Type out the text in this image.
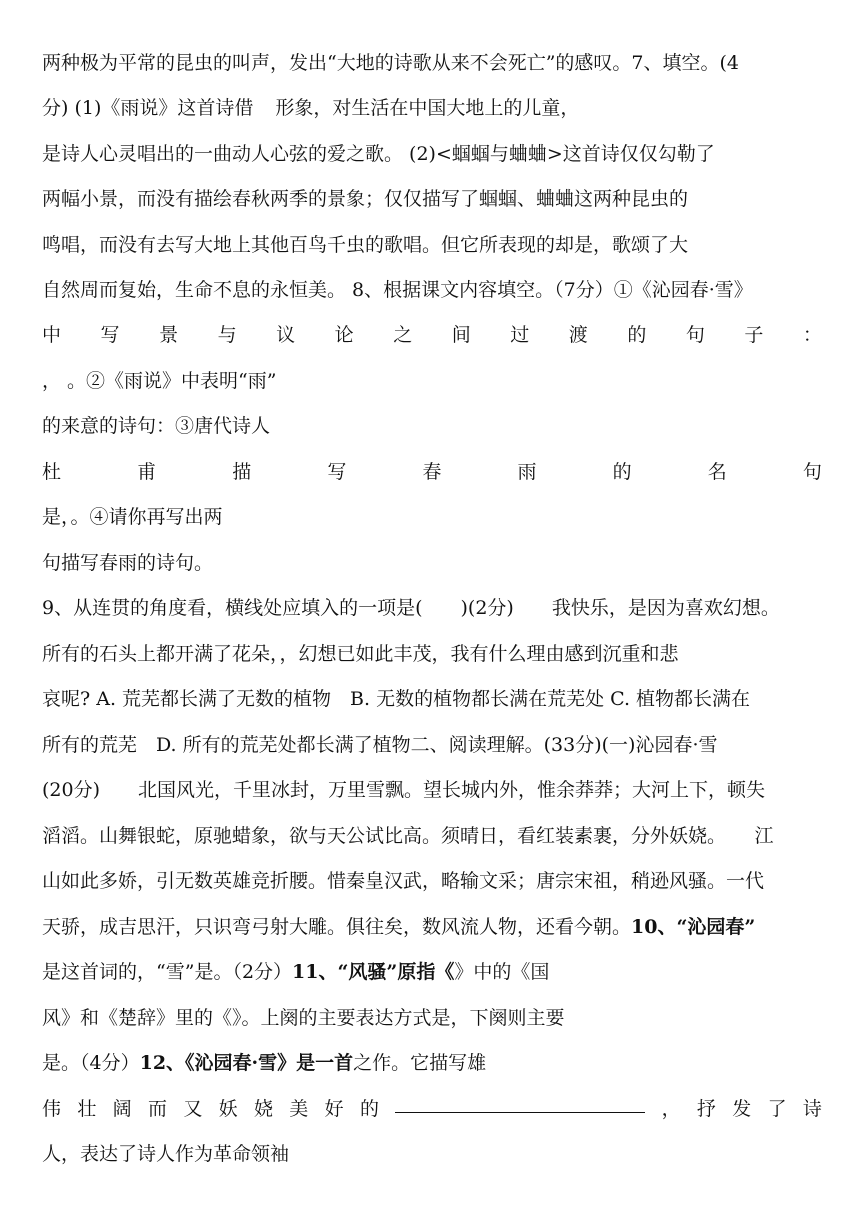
两种极为平常的昆虫的叫声，发出“大地的诗歌从来不会死亡”的感叹。7、填空。(4
分) (1)《雨说》这首诗借 形象，对生活在中国大地上的儿童，
是诗人心灵唱出的一曲动人心弦的爱之歌。 (2)<蝈蝈与蛐蛐>这首诗仅仅勾勒了
两幅小景，而没有描绘春秋两季的景象；仅仅描写了蝈蝈、蛐蛐这两种昆虫的
鸣唱，而没有去写大地上其他百鸟千虫的歌唱。但它所表现的却是，歌颂了大
自然周而复始，生命不息的永恒美。 8、根据课文内容填空。（7分）①《沁园春·雪》
中 写 景 与 议 论 之 间 过 渡 的 句 子 ：
， 。②《雨说》中表明“雨”
的来意的诗句：③唐代诗人
杜	甫	描	写	春	雨	的	名	句
是，。④请你再写出两
句描写春雨的诗句。
9、从连贯的角度看，横线处应填入的一项是(　　)(2分)　　我快乐，是因为喜欢幻想。
所有的石头上都开满了花朵，，幻想已如此丰茂，我有什么理由感到沉重和悲
哀呢? A. 荒芜都长满了无数的植物　B. 无数的植物都长满在荒芜处 C. 植物都长满在
所有的荒芜　D. 所有的荒芜处都长满了植物二、阅读理解。(33分)(一)沁园春·雪
(20分)　　北国风光，千里冰封，万里雪飘。望长城内外，惟余莽莽；大河上下，顿失
滔滔。山舞银蛇，原驰蜡象，欲与天公试比高。须晴日，看红装素裹，分外妖娆。　　江
山如此多娇，引无数英雄竞折腰。惜秦皇汉武，略输文采；唐宗宋祖，稍逊风骚。一代
天骄，成吉思汗，只识弯弓射大雕。俱往矣，数风流人物，还看今朝。10、“沁园春”
是这首词的，“雪”是。（2分）11、“风骚”原指《》中的《国
风》和《楚辞》里的《》。上阕的主要表达方式是，下阕则主要
是。（4分）12、《沁园春·雪》是一首之作。它描写雄
伟 壮 阔 而 又 妖 娆 美 好 的	， 抒 发 了 诗
人，表达了诗人作为革命领袖
